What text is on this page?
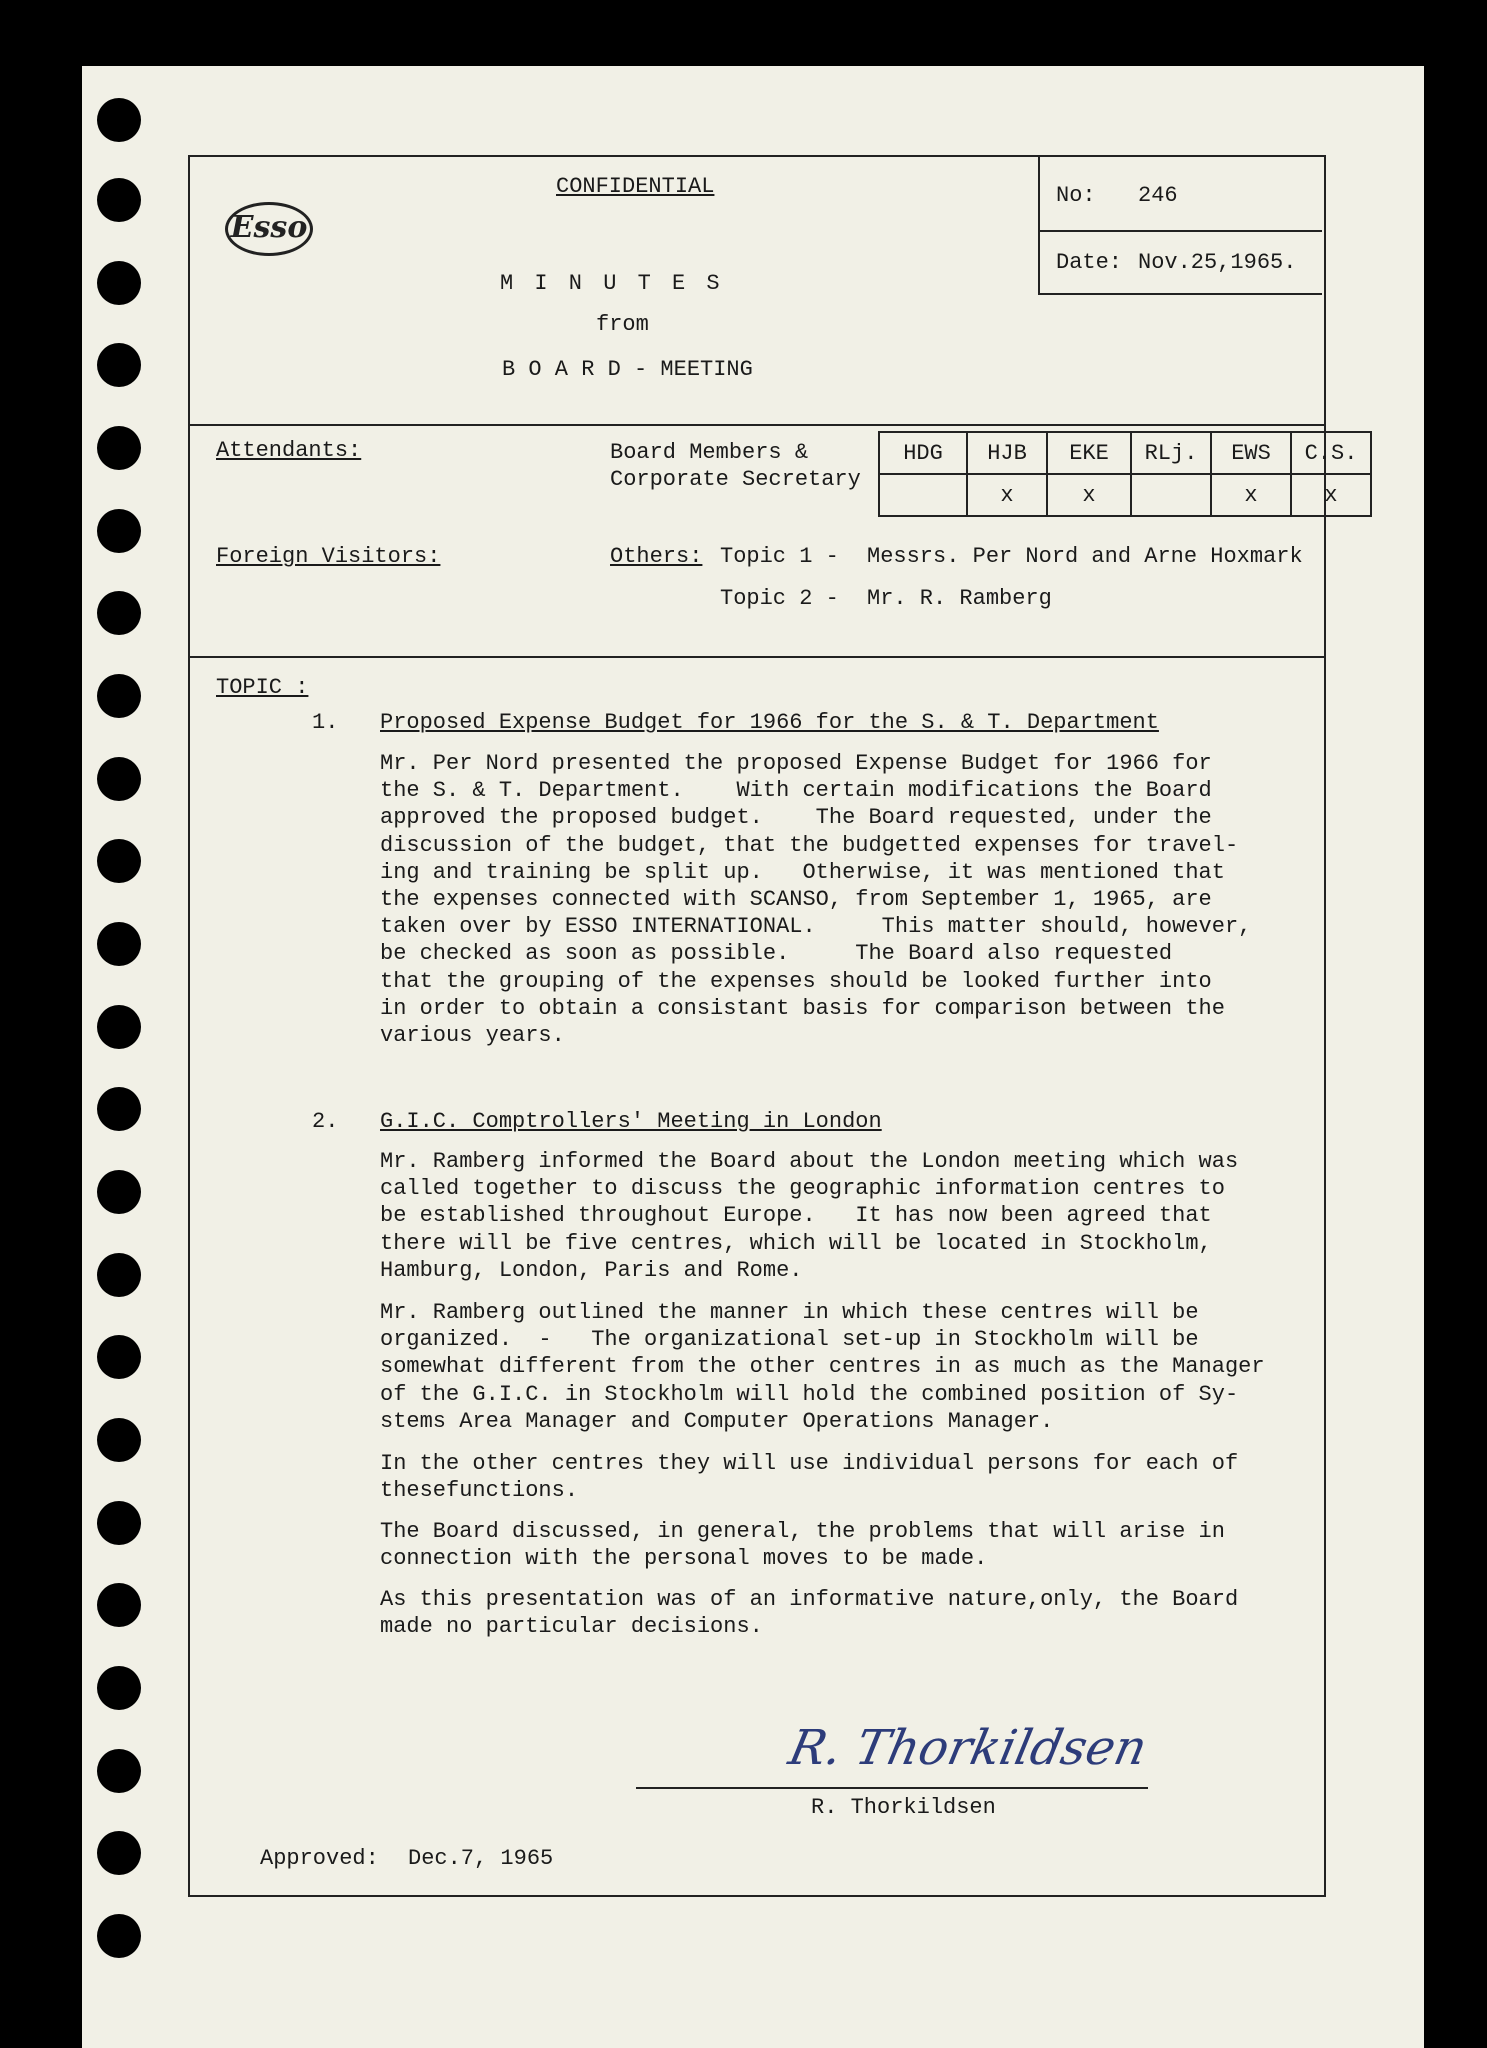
Esso
CONFIDENTIAL
M I N U T E S
from
B O A R D - MEETING
No: 246
Date: Nov.25,1965.
Attendants:	Board Members &
Corporate Secretary
HDG	HJB	EKE	RLj.	EWS	C.S.
	x	x		x	x
Foreign Visitors:	Others: Topic 1 - Messrs. Per Nord and Arne Hoxmark
Topic 2 - Mr. R. Ramberg
TOPIC :
1. Proposed Expense Budget for 1966 for the S. & T. Department
Mr. Per Nord presented the proposed Expense Budget for 1966 for
the S. & T. Department.    With certain modifications the Board
approved the proposed budget.    The Board requested, under the
discussion of the budget, that the budgetted expenses for travel-
ing and training be split up.   Otherwise, it was mentioned that
the expenses connected with SCANSO, from September 1, 1965, are
taken over by ESSO INTERNATIONAL.     This matter should, however,
be checked as soon as possible.     The Board also requested
that the grouping of the expenses should be looked further into
in order to obtain a consistant basis for comparison between the
various years.
2. G.I.C. Comptrollers' Meeting in London
Mr. Ramberg informed the Board about the London meeting which was
called together to discuss the geographic information centres to
be established throughout Europe.   It has now been agreed that
there will be five centres, which will be located in Stockholm,
Hamburg, London, Paris and Rome.
Mr. Ramberg outlined the manner in which these centres will be
organized.  -   The organizational set-up in Stockholm will be
somewhat different from the other centres in as much as the Manager
of the G.I.C. in Stockholm will hold the combined position of Sy-
stems Area Manager and Computer Operations Manager.
In the other centres they will use individual persons for each of
thesefunctions.
The Board discussed, in general, the problems that will arise in
connection with the personal moves to be made.
As this presentation was of an informative nature,only, the Board
made no particular decisions.
R. Thorkildsen
R. Thorkildsen
Approved: Dec.7, 1965
